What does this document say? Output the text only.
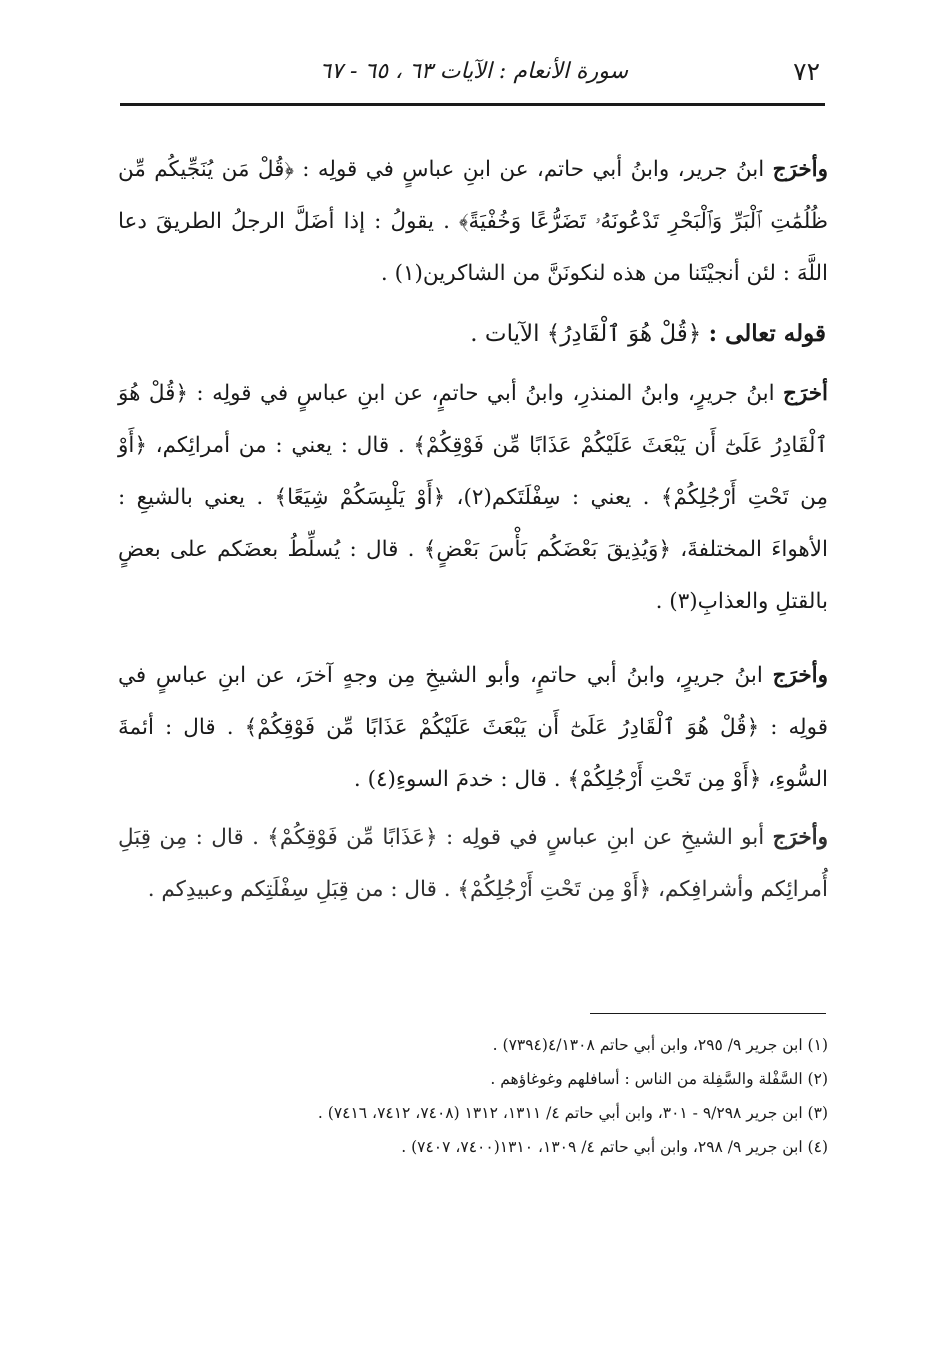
٧٢
سورة الأنعام : الآيات ٦٣ ، ٦٥ - ٦٧

وأخرَج ابنُ جرير، وابنُ أبي حاتم، عن ابنِ عباسٍ في قولِه : ﴿قُلْ مَن يُنَجِّيكُم مِّن ظُلُمَٰتِ ٱلْبَرِّ وَٱلْبَحْرِ تَدْعُونَهُۥ تَضَرُّعًا وَخُفْيَةً﴾ . يقولُ : إذا أضَلَّ الرجلُ الطريقَ دعا اللَّهَ : لئن أنجيْتَنا من هذه لنكونَنَّ من الشاكرين(١) .

قوله تعالى : ﴿قُلْ هُوَ ٱلْقَادِرُ﴾ الآيات .

أخرَج ابنُ جريرٍ، وابنُ المنذرِ، وابنُ أبي حاتمٍ، عن ابنِ عباسٍ في قولِه : ﴿قُلْ هُوَ ٱلْقَادِرُ عَلَىٰٓ أَن يَبْعَثَ عَلَيْكُمْ عَذَابًا مِّن فَوْقِكُمْ﴾ . قال : يعني : من أمرائِكم، ﴿أَوْ مِن تَحْتِ أَرْجُلِكُمْ﴾ . يعني : سِفْلَتَكم(٢)، ﴿أَوْ يَلْبِسَكُمْ شِيَعًا﴾ . يعني بالشيعِ : الأهواءَ المختلفةَ، ﴿وَيُذِيقَ بَعْضَكُم بَأْسَ بَعْضٍ﴾ . قال : يُسلِّطُ بعضَكم على بعضٍ بالقتلِ والعذابِ(٣) .

وأخرَج ابنُ جريرٍ، وابنُ أبي حاتمٍ، وأبو الشيخِ مِن وجهٍ آخرَ، عن ابنِ عباسٍ في قولِه : ﴿قُلْ هُوَ ٱلْقَادِرُ عَلَىٰٓ أَن يَبْعَثَ عَلَيْكُمْ عَذَابًا مِّن فَوْقِكُمْ﴾ . قال : أئمةَ السُّوءِ، ﴿أَوْ مِن تَحْتِ أَرْجُلِكُمْ﴾ . قال : خدمَ السوءِ(٤) .

وأخرَج أبو الشيخِ عن ابنِ عباسٍ في قولِه : ﴿عَذَابًا مِّن فَوْقِكُمْ﴾ . قال : مِن قِبَلِ أُمرائِكم وأشرافِكم، ﴿أَوْ مِن تَحْتِ أَرْجُلِكُمْ﴾ . قال : من قِبَلِ سِفْلَتِكم وعبيدِكم .

(١) ابن جرير ٩/ ٢٩٥، وابن أبي حاتم ٤/١٣٠٨(٧٣٩٤) .
(٢) السَّفْلة والسَّفِلة من الناس : أسافلهم وغوغاؤهم .
(٣) ابن جرير ٩/٢٩٨ - ٣٠١، وابن أبي حاتم ٤/ ١٣١١، ١٣١٢ (٧٤٠٨، ٧٤١٢، ٧٤١٦) .
(٤) ابن جرير ٩/ ٢٩٨، وابن أبي حاتم ٤/ ١٣٠٩، ١٣١٠(٧٤٠٠، ٧٤٠٧) .
